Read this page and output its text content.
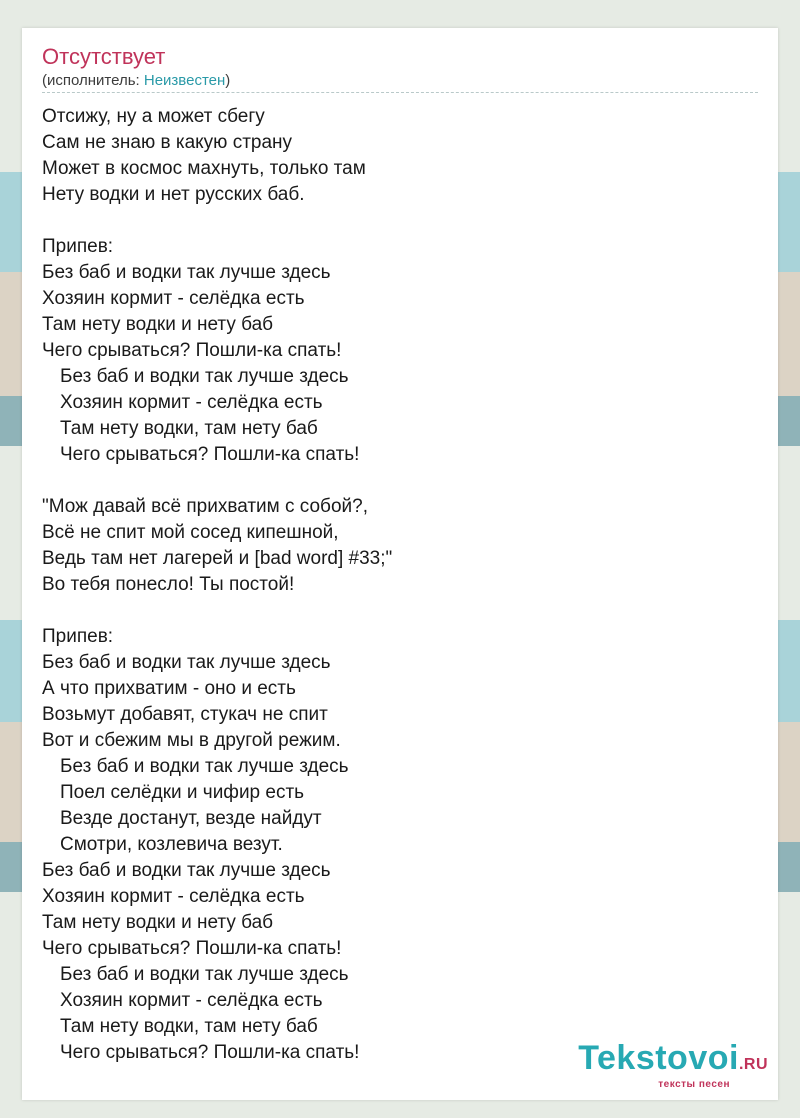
Отсутствует
(исполнитель: Неизвестен)

Отсижу, ну а может сбегу

Сам не знаю в какую страну

Может в космос махнуть, только там

Нету водки и нет русских баб.

Припев:

Без баб и водки так лучше здесь

Хозяин кормит - селёдка есть

Там нету водки и нету баб

Чего срываться? Пошли-ка спать!

Без баб и водки так лучше здесь

Хозяин кормит - селёдка есть

Там нету водки, там нету баб

Чего срываться? Пошли-ка спать!

"Мож давай всё прихватим с собой?,

Всё не спит мой сосед кипешной,

Ведь там нет лагерей и [bad word] #33;"

Во тебя понесло! Ты постой!

Припев:

Без баб и водки так лучше здесь

А что прихватим - оно и есть

Возьмут добавят, стукач не спит

Вот и сбежим мы в другой режим.

Без баб и водки так лучше здесь

Поел селёдки и чифир есть

Везде достанут, везде найдут

Смотри, козлевича везут.

Без баб и водки так лучше здесь

Хозяин кормит - селёдка есть

Там нету водки и нету баб

Чего срываться? Пошли-ка спать!

Без баб и водки так лучше здесь

Хозяин кормит - селёдка есть

Там нету водки, там нету баб

Чего срываться? Пошли-ка спать!	Tekstovoi.RU
тексты песен
